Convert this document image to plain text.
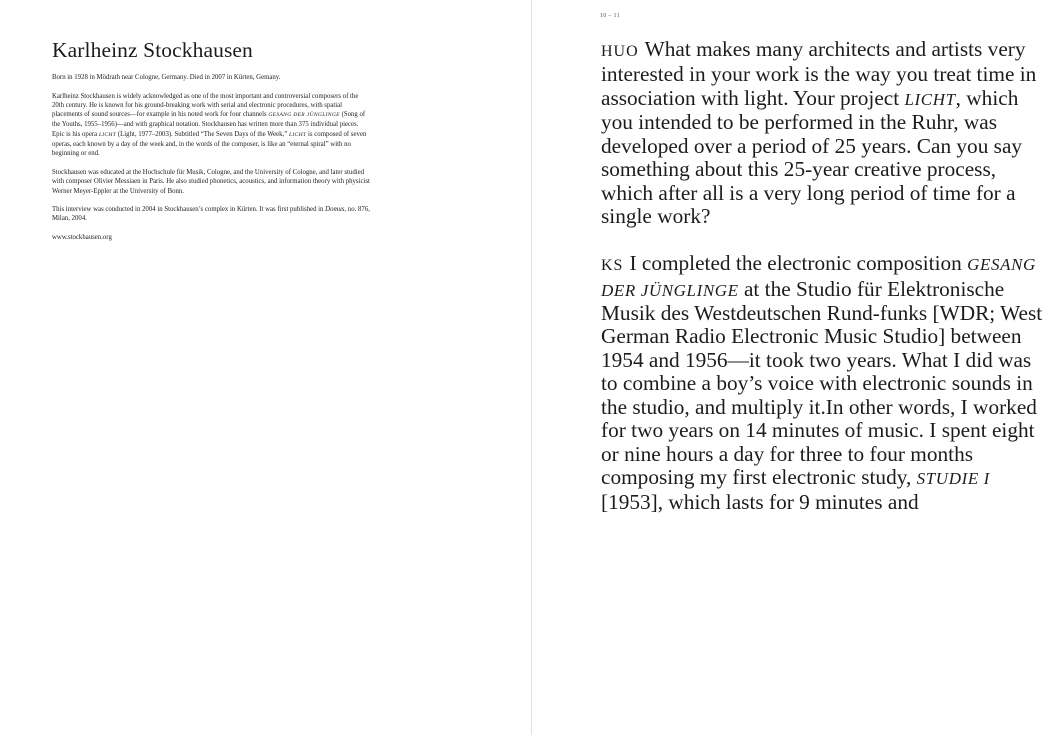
Karlheinz Stockhausen

Born in 1928 in Mödrath near Cologne, Germany. Died in 2007 in Kürten, Gemany.

Karlheinz Stockhausen is widely acknowledged as one of the most important and controversial composers of the 20th century. He is known for his ground-breaking work with serial and electronic procedures, with spatial placements of sound sources—for example in his noted work for four channels GESANG DER JÜNGLINGE (Song of the Youths, 1955–1956)—and with graphical notation. Stockhausen has written more than 375 individual pieces. Epic is his opera LICHT (Light, 1977–2003). Subtitled “The Seven Days of the Week,” LICHT is composed of seven operas, each known by a day of the week and, in the words of the composer, is like an “eternal spiral” with no beginning or end.

Stockhausen was educated at the Hochschule für Musik, Cologne, and the University of Cologne, and later studied with composer Olivier Messiaen in Paris. He also studied phonetics, acoustics, and information theory with physicist Werner Meyer-Eppler at the University of Bonn.

This interview was conducted in 2004 in Stockhausen’s complex in Kürten. It was first published in Domus, no. 876, Milan, 2004.

www.stockhausen.org

10 – 11

HUO What makes many architects and artists very interested in your work is the way you treat time in association with light. Your project LICHT, which you intended to be performed in the Ruhr, was developed over a period of 25 years. Can you say something about this 25-year creative process, which after all is a very long period of time for a single work?

KS I completed the electronic composition GESANG DER JÜNGLINGE at the Studio für Elektronische Musik des Westdeutschen Rund-funks [WDR; West German Radio Electronic Music Studio] between 1954 and 1956—it took two years. What I did was to combine a boy’s voice with electronic sounds in the studio, and multiply it.In other words, I worked for two years on 14 minutes of music. I spent eight or nine hours a day for three to four months composing my first electronic study, STUDIE I [1953], which lasts for 9 minutes and
